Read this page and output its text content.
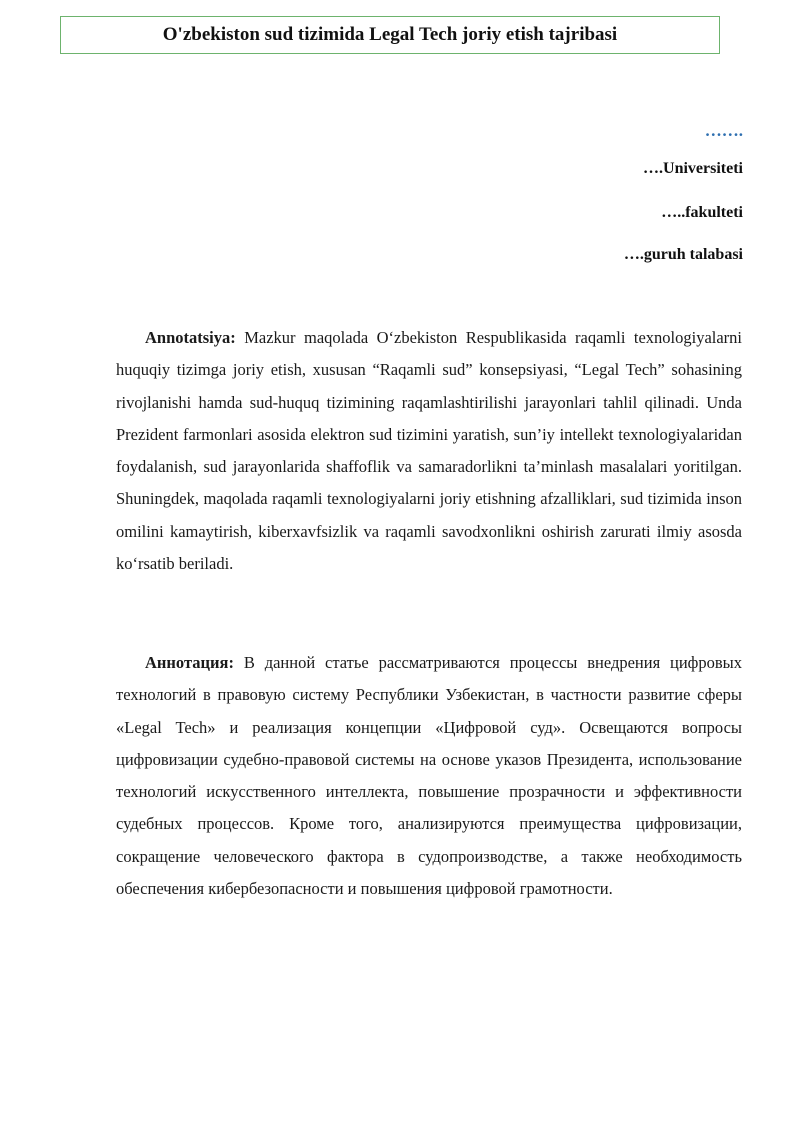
O'zbekiston sud tizimida Legal Tech joriy etish tajribasi
…….
….Universiteti
…..fakulteti
….guruh talabasi

Annotatsiya: Mazkur maqolada O‘zbekiston Respublikasida raqamli texnologiyalarni huquqiy tizimga joriy etish, xususan “Raqamli sud” konsepsiyasi, “Legal Tech” sohasining rivojlanishi hamda sud-huquq tizimining raqamlashtirilishi jarayonlari tahlil qilinadi. Unda Prezident farmonlari asosida elektron sud tizimini yaratish, sun’iy intellekt texnologiyalaridan foydalanish, sud jarayonlarida shaffoflik va samaradorlikni ta’minlash masalalari yoritilgan. Shuningdek, maqolada raqamli texnologiyalarni joriy etishning afzalliklari, sud tizimida inson omilini kamaytirish, kiberxavfsizlik va raqamli savodxonlikni oshirish zarurati ilmiy asosda ko‘rsatib beriladi.

Аннотация: В данной статье рассматриваются процессы внедрения цифровых технологий в правовую систему Республики Узбекистан, в частности развитие сферы «Legal Tech» и реализация концепции «Цифровой суд». Освещаются вопросы цифровизации судебно-правовой системы на основе указов Президента, использование технологий искусственного интеллекта, повышение прозрачности и эффективности судебных процессов. Кроме того, анализируются преимущества цифровизации, сокращение человеческого фактора в судопроизводстве, а также необходимость обеспечения кибербезопасности и повышения цифровой грамотности.
